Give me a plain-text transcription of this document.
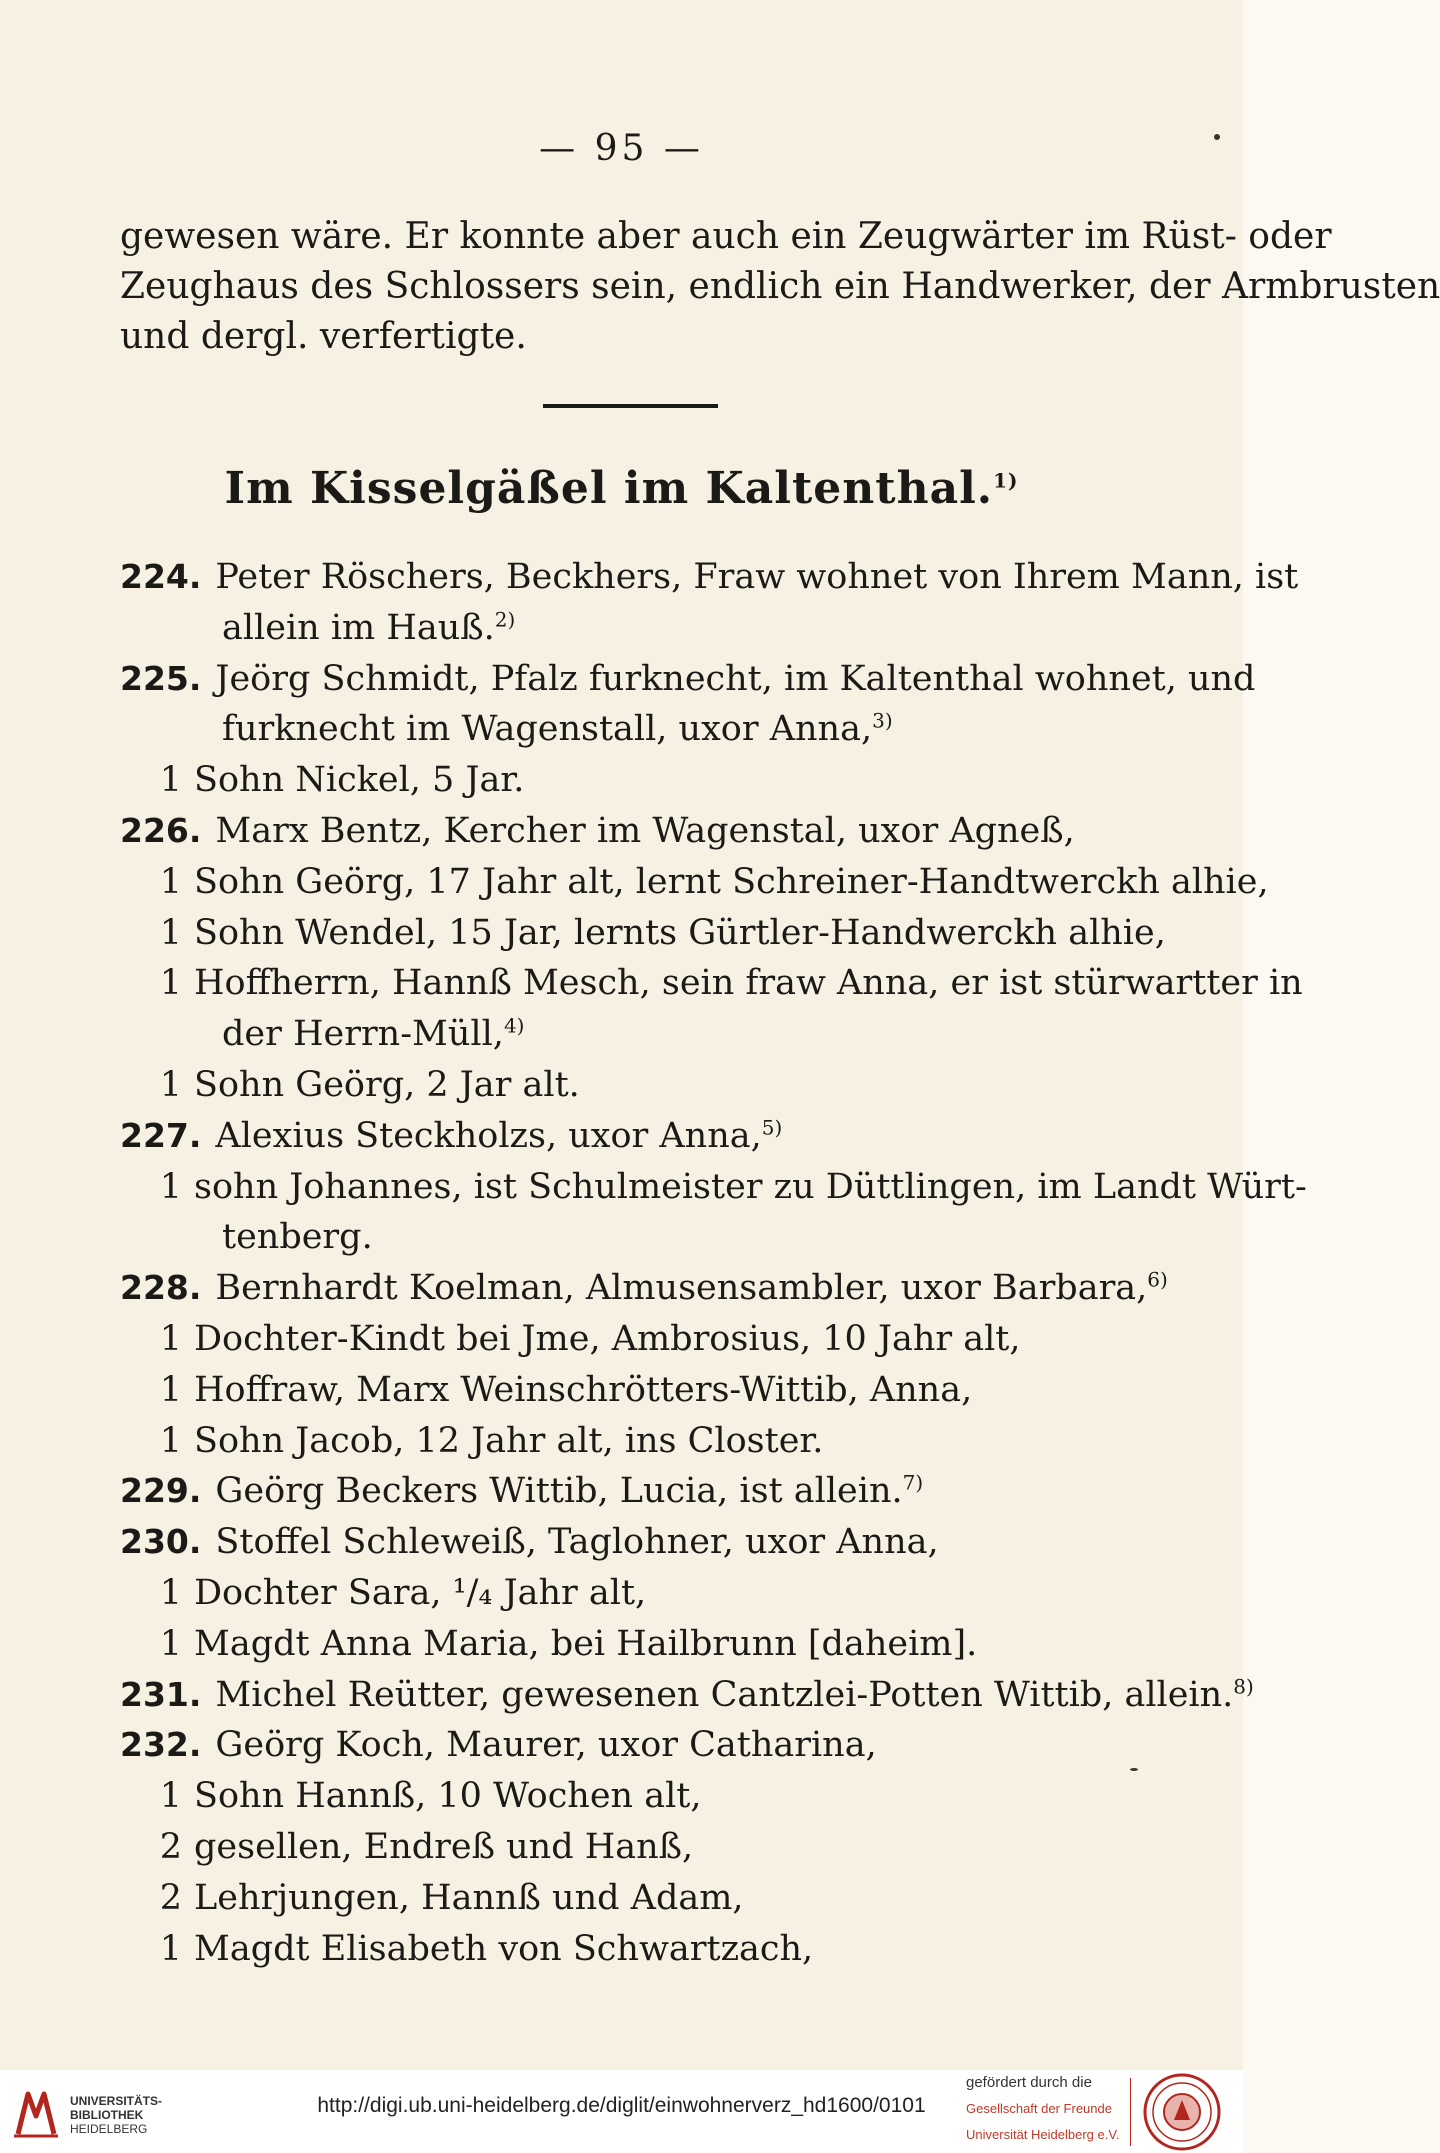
— 95 —
gewesen wäre. Er konnte aber auch ein Zeugwärter im Rüst- oder
Zeughaus des Schlossers sein, endlich ein Handwerker, der Armbrusten
und dergl. verfertigte.
Im Kisselgäßel im Kaltenthal.$^{1)}$
224. Peter Röschers, Beckhers, Fraw wohnet von Ihrem Mann, ist
allein im Hauß.$^{2)}$
225. Jeörg Schmidt, Pfalz furknecht, im Kaltenthal wohnet, und
furknecht im Wagenstall, uxor Anna,$^{3)}$
1 Sohn Nickel, 5 Jar.
226. Marx Bentz, Kercher im Wagenstal, uxor Agneß,
1 Sohn Geörg, 17 Jahr alt, lernt Schreiner-Handtwerckh alhie,
1 Sohn Wendel, 15 Jar, lernts Gürtler-Handwerckh alhie,
1 Hoffherrn, Hannß Mesch, sein fraw Anna, er ist stürwartter in
der Herrn-Müll,$^{4)}$
1 Sohn Geörg, 2 Jar alt.
227. Alexius Steckholzs, uxor Anna,$^{5)}$
1 sohn Johannes, ist Schulmeister zu Düttlingen, im Landt Würt-
tenberg.
228. Bernhardt Koelman, Almusensambler, uxor Barbara,$^{6)}$
1 Dochter-Kindt bei Jme, Ambrosius, 10 Jahr alt,
1 Hoffraw, Marx Weinschrötters-Wittib, Anna,
1 Sohn Jacob, 12 Jahr alt, ins Closter.
229. Geörg Beckers Wittib, Lucia, ist allein.$^{7)}$
230. Stoffel Schleweiß, Taglohner, uxor Anna,
1 Dochter Sara, ¹/₄ Jahr alt,
1 Magdt Anna Maria, bei Hailbrunn [daheim].
231. Michel Reütter, gewesenen Cantzlei-Potten Wittib, allein.$^{8)}$
232. Geörg Koch, Maurer, uxor Catharina,
1 Sohn Hannß, 10 Wochen alt,
2 gesellen, Endreß und Hanß,
2 Lehrjungen, Hannß und Adam,
1 Magdt Elisabeth von Schwartzach,
UNIVERSITÄTS-
BIBLIOTHEK
HEIDELBERG
http://digi.ub.uni-heidelberg.de/diglit/einwohnerverz_hd1600/0101
gefördert durch die
Gesellschaft der Freunde
Universität Heidelberg e.V.
